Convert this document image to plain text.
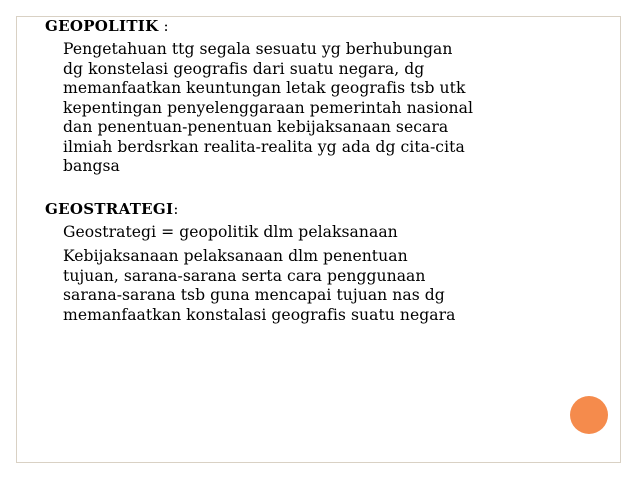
GEOPOLITIK :
Pengetahuan ttg segala sesuatu yg berhubungan
dg konstelasi geografis dari suatu negara, dg
memanfaatkan keuntungan letak geografis tsb utk
kepentingan penyelenggaraan pemerintah nasional
dan penentuan-penentuan kebijaksanaan secara
ilmiah berdsrkan realita-realita yg ada dg cita-cita
bangsa
GEOSTRATEGI:
Geostrategi = geopolitik dlm pelaksanaan
Kebijaksanaan pelaksanaan dlm penentuan
tujuan, sarana-sarana serta cara penggunaan
sarana-sarana tsb guna mencapai tujuan nas dg
memanfaatkan konstalasi geografis suatu negara
